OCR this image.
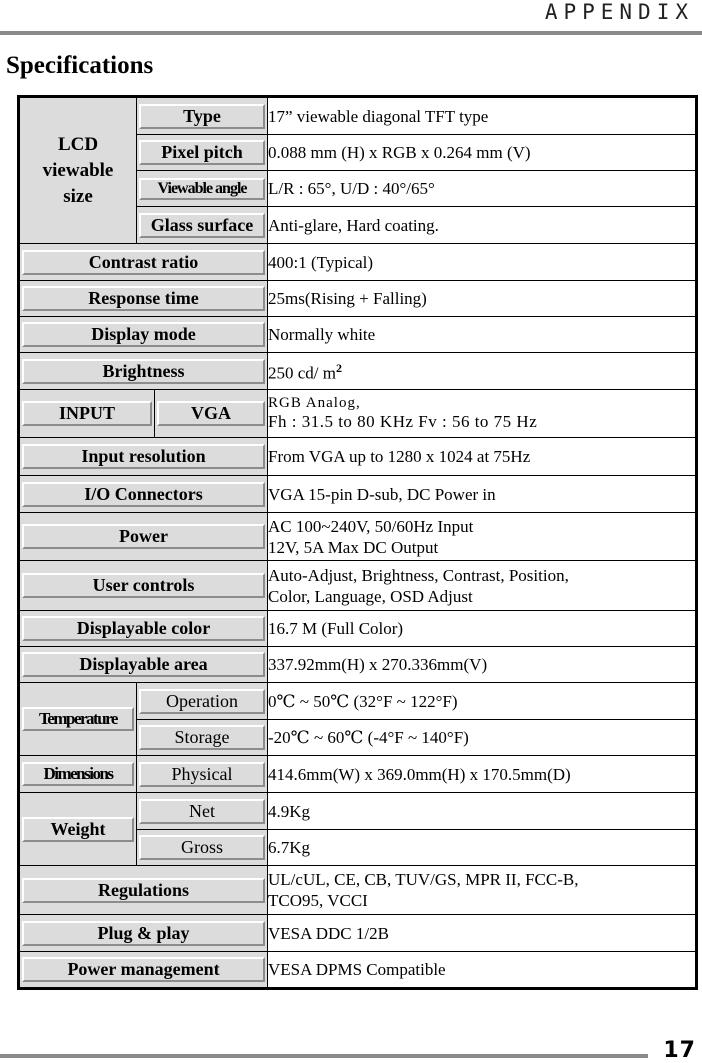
APPENDIX
Specifications
LCD viewable size	Type		17” viewable diagonal TFT type

	Pixel pitch		0.088 mm (H) x RGB x 0.264 mm (V)

	Viewable angle		L/R : 65°, U/D : 40°/65°

	Glass surface		Anti-glare, Hard coating.

Contrast ratio			400:1 (Typical)

Response time			25ms(Rising + Falling)

Display mode			Normally white

Brightness			250 cd/ $m^2$

INPUT		VGA	RGB Analog,
Fh : 31.5 to 80 KHz Fv : 56 to 75 Hz

Input resolution			From VGA up to 1280 x 1024 at 75Hz

I/O Connectors			VGA 15-pin D-sub, DC Power in

Power			AC 100~240V, 50/60Hz Input
12V, 5A Max DC Output

User controls			Auto-Adjust, Brightness, Contrast, Position,
Color, Language, OSD Adjust

Displayable color			16.7 M (Full Color)

Displayable area			337.92mm(H) x 270.336mm(V)

Temperature	Operation		0℃ ~ 50℃ (32°F ~ 122°F)

	Storage		-20℃ ~ 60℃ (-4°F ~ 140°F)

Dimensions	Physical		414.6mm(W) x 369.0mm(H) x 170.5mm(D)

Weight	Net		4.9Kg

	Gross		6.7Kg

Regulations			UL/cUL, CE, CB, TUV/GS, MPR II, FCC-B,
TCO95, VCCI

Plug & play			VESA DDC 1/2B

Power management			VESA DPMS Compatible
17
